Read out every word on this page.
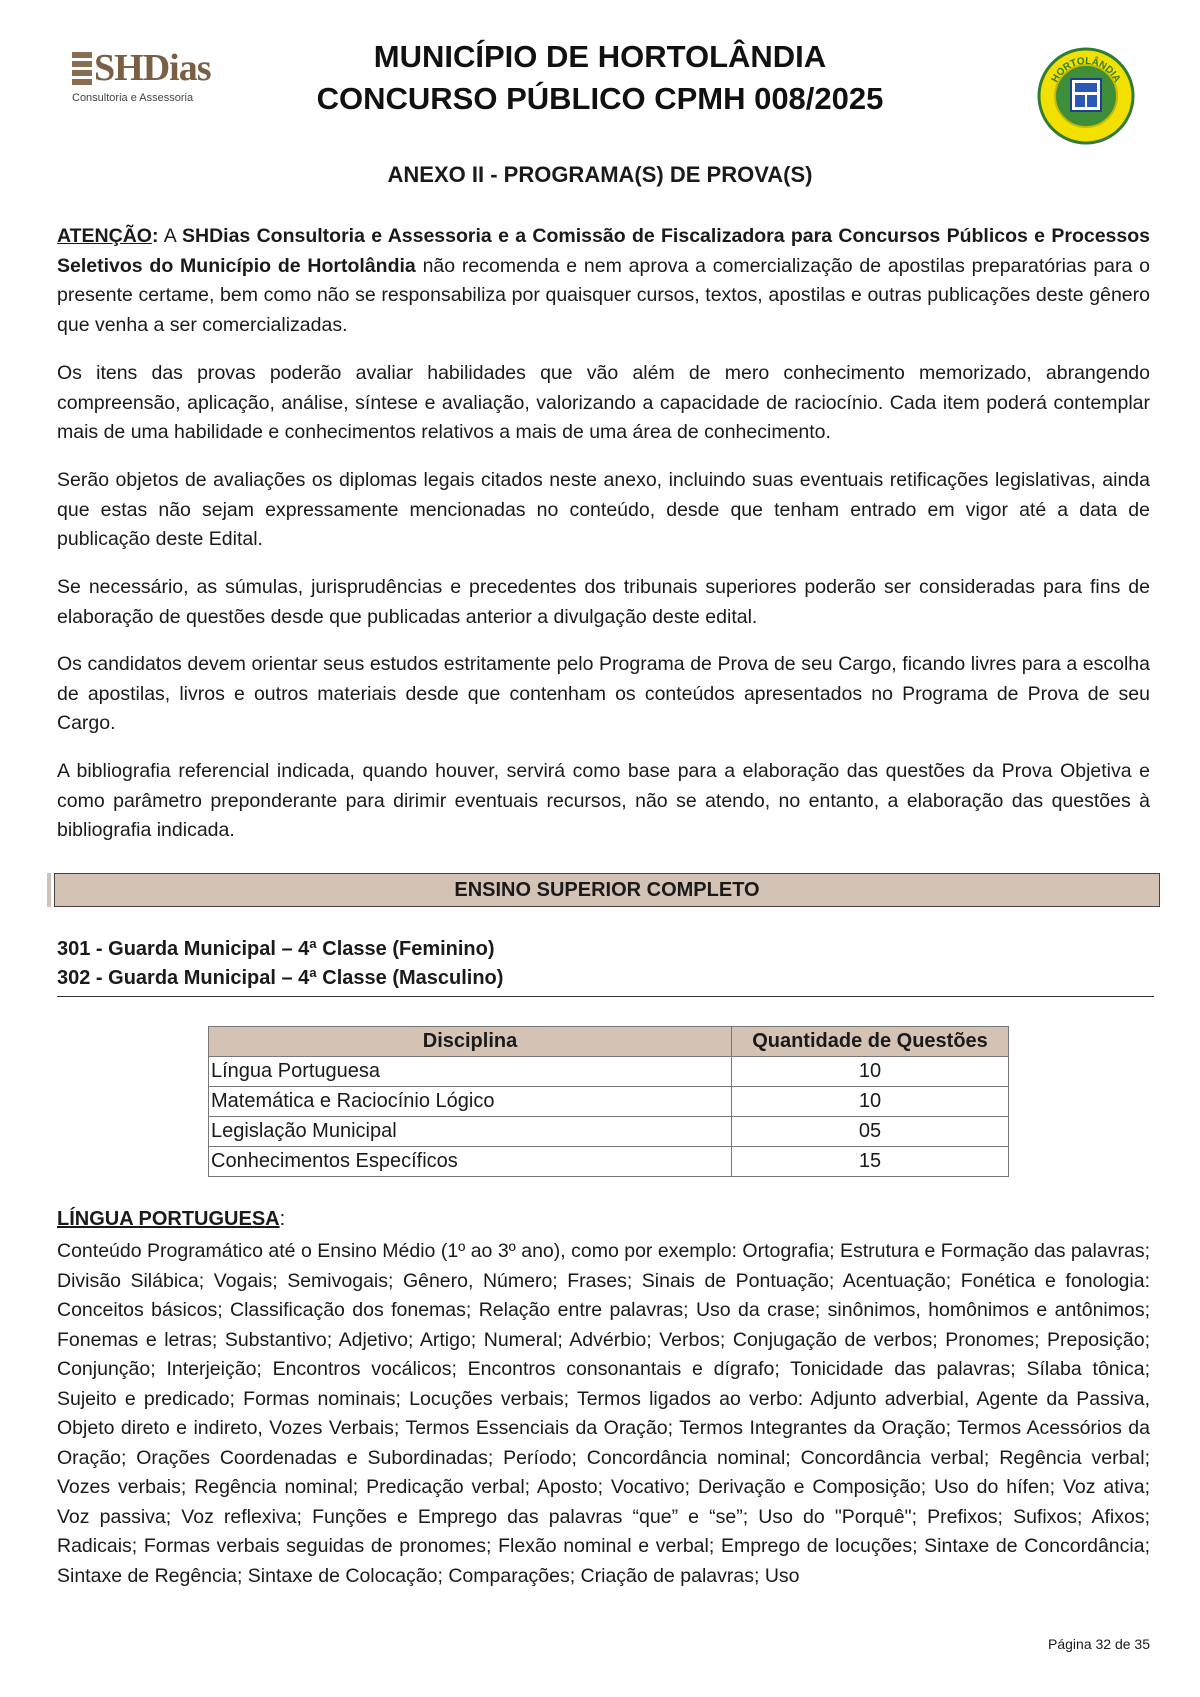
SHDias
Consultoria e Assessoria
MUNICÍPIO DE HORTOLÂNDIA
CONCURSO PÚBLICO CPMH 008/2025
HORTOLÂNDIA
ANEXO II - PROGRAMA(S) DE PROVA(S)
ATENÇÃO: A SHDias Consultoria e Assessoria e a Comissão de Fiscalizadora para Concursos Públicos e Processos Seletivos do Município de Hortolândia não recomenda e nem aprova a comercialização de apostilas preparatórias para o presente certame, bem como não se responsabiliza por quaisquer cursos, textos, apostilas e outras publicações deste gênero que venha a ser comercializadas.
Os itens das provas poderão avaliar habilidades que vão além de mero conhecimento memorizado, abrangendo compreensão, aplicação, análise, síntese e avaliação, valorizando a capacidade de raciocínio. Cada item poderá contemplar mais de uma habilidade e conhecimentos relativos a mais de uma área de conhecimento.
Serão objetos de avaliações os diplomas legais citados neste anexo, incluindo suas eventuais retificações legislativas, ainda que estas não sejam expressamente mencionadas no conteúdo, desde que tenham entrado em vigor até a data de publicação deste Edital.
Se necessário, as súmulas, jurisprudências e precedentes dos tribunais superiores poderão ser consideradas para fins de elaboração de questões desde que publicadas anterior a divulgação deste edital.
Os candidatos devem orientar seus estudos estritamente pelo Programa de Prova de seu Cargo, ficando livres para a escolha de apostilas, livros e outros materiais desde que contenham os conteúdos apresentados no Programa de Prova de seu Cargo.
A bibliografia referencial indicada, quando houver, servirá como base para a elaboração das questões da Prova Objetiva e como parâmetro preponderante para dirimir eventuais recursos, não se atendo, no entanto, a elaboração das questões à bibliografia indicada.
ENSINO SUPERIOR COMPLETO
301 - Guarda Municipal – 4ª Classe (Feminino)
302 - Guarda Municipal – 4ª Classe (Masculino)
Disciplina	Quantidade de Questões
Língua Portuguesa	10
Matemática e Raciocínio Lógico	10
Legislação Municipal	05
Conhecimentos Específicos	15
LÍNGUA PORTUGUESA:
Conteúdo Programático até o Ensino Médio (1º ao 3º ano), como por exemplo: Ortografia; Estrutura e Formação das palavras; Divisão Silábica; Vogais; Semivogais; Gênero, Número; Frases; Sinais de Pontuação; Acentuação; Fonética e fonologia: Conceitos básicos; Classificação dos fonemas; Relação entre palavras; Uso da crase; sinônimos, homônimos e antônimos; Fonemas e letras; Substantivo; Adjetivo; Artigo; Numeral; Advérbio; Verbos; Conjugação de verbos; Pronomes; Preposição; Conjunção; Interjeição; Encontros vocálicos; Encontros consonantais e dígrafo; Tonicidade das palavras; Sílaba tônica; Sujeito e predicado; Formas nominais; Locuções verbais; Termos ligados ao verbo: Adjunto adverbial, Agente da Passiva, Objeto direto e indireto, Vozes Verbais; Termos Essenciais da Oração; Termos Integrantes da Oração; Termos Acessórios da Oração; Orações Coordenadas e Subordinadas; Período; Concordância nominal; Concordância verbal; Regência verbal; Vozes verbais; Regência nominal; Predicação verbal; Aposto; Vocativo; Derivação e Composição; Uso do hífen; Voz ativa; Voz passiva; Voz reflexiva; Funções e Emprego das palavras “que” e “se”; Uso do "Porquê"; Prefixos; Sufixos; Afixos; Radicais; Formas verbais seguidas de pronomes; Flexão nominal e verbal; Emprego de locuções; Sintaxe de Concordância; Sintaxe de Regência; Sintaxe de Colocação; Comparações; Criação de palavras; Uso
Página 32 de 35
